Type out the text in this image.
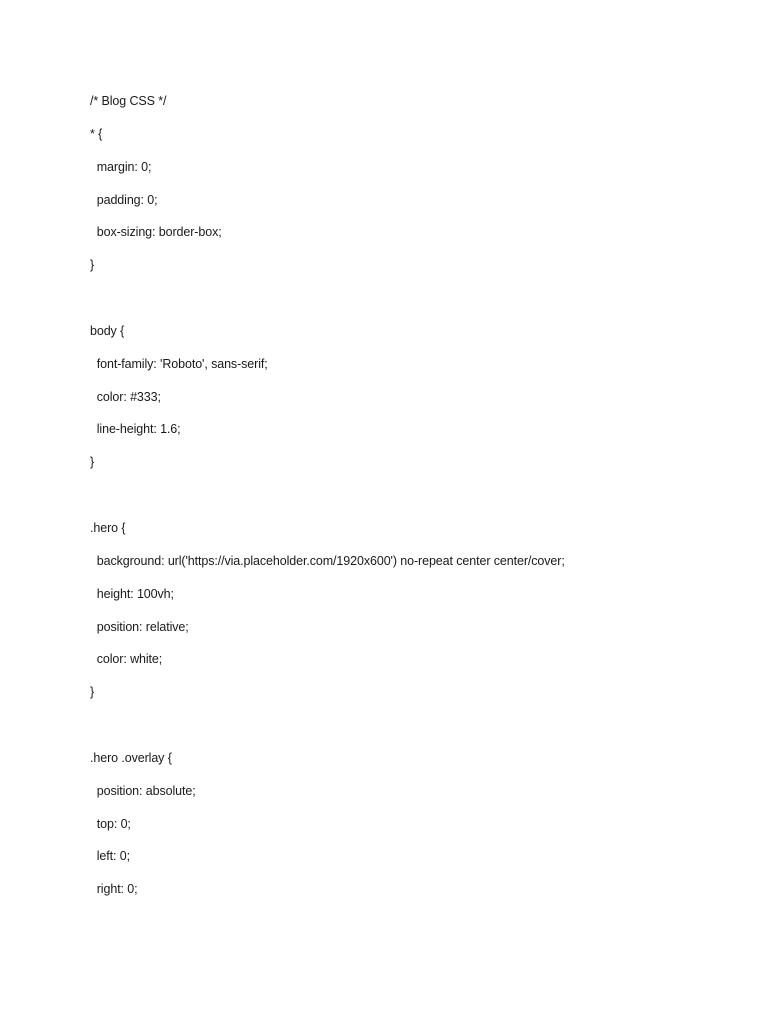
/* Blog CSS */
* {
margin: 0;
padding: 0;
box-sizing: border-box;
}
body {
font-family: 'Roboto', sans-serif;
color: #333;
line-height: 1.6;
}
.hero {
background: url('https://via.placeholder.com/1920x600') no-repeat center center/cover;
height: 100vh;
position: relative;
color: white;
}
.hero .overlay {
position: absolute;
top: 0;
left: 0;
right: 0;
